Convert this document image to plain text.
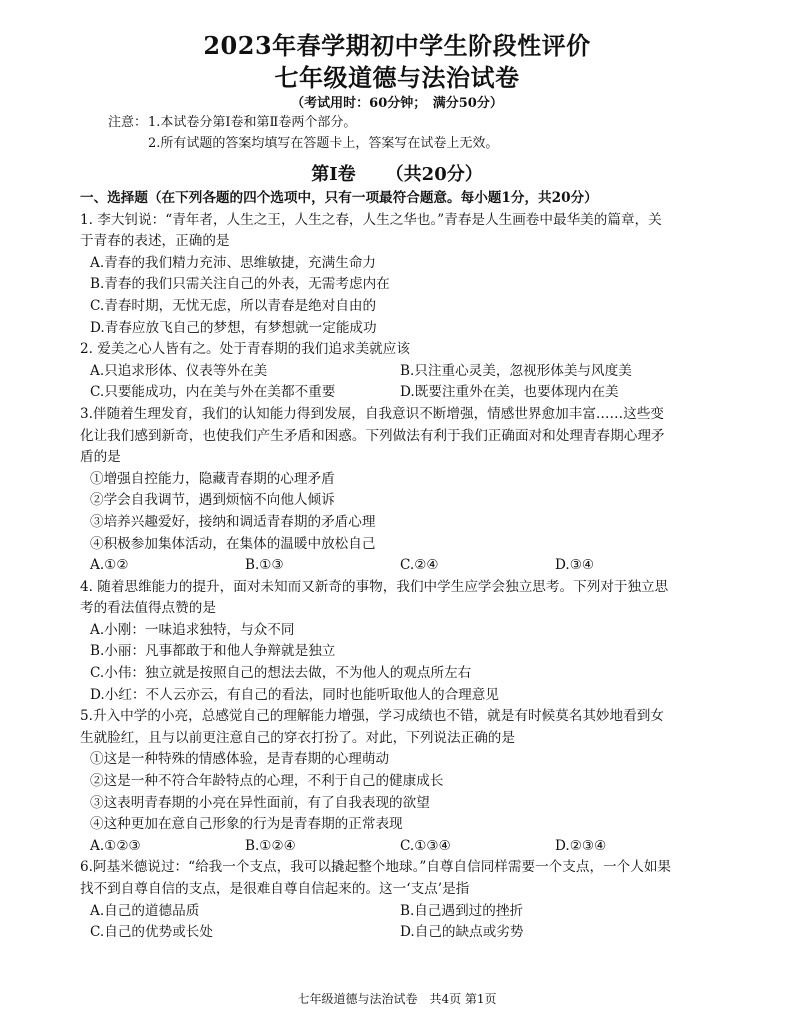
2023年春学期初中学生阶段性评价
七年级道德与法治试卷
（考试用时：60分钟；　满分50分）
注意：1.本试卷分第Ⅰ卷和第Ⅱ卷两个部分。
2.所有试题的答案均填写在答题卡上，答案写在试卷上无效。
第Ⅰ卷 （共20分）
一、选择题（在下列各题的四个选项中，只有一项最符合题意。每小题1分，共20分）
1. 李大钊说：“青年者，人生之王，人生之春，人生之华也。”青春是人生画卷中最华美的篇章，关
于青春的表述，正确的是
A.青春的我们精力充沛、思维敏捷，充满生命力
B.青春的我们只需关注自己的外表，无需考虑内在
C.青春时期，无忧无虑，所以青春是绝对自由的
D.青春应放飞自己的梦想，有梦想就一定能成功
2. 爱美之心人皆有之。处于青春期的我们追求美就应该
A.只追求形体、仪表等外在美	B.只注重心灵美，忽视形体美与风度美
C.只要能成功，内在美与外在美都不重要	D.既要注重外在美，也要体现内在美
3.伴随着生理发育，我们的认知能力得到发展，自我意识不断增强，情感世界愈加丰富……这些变
化让我们感到新奇，也使我们产生矛盾和困惑。下列做法有利于我们正确面对和处理青春期心理矛
盾的是
①增强自控能力，隐藏青春期的心理矛盾
②学会自我调节，遇到烦恼不向他人倾诉
③培养兴趣爱好，接纳和调适青春期的矛盾心理
④积极参加集体活动，在集体的温暖中放松自己
A.①②	B.①③	C.②④	D.③④
4. 随着思维能力的提升，面对未知而又新奇的事物，我们中学生应学会独立思考。下列对于独立思
考的看法值得点赞的是
A.小刚：一味追求独特，与众不同
B.小丽：凡事都敢于和他人争辩就是独立
C.小伟：独立就是按照自己的想法去做，不为他人的观点所左右
D.小红：不人云亦云，有自己的看法，同时也能听取他人的合理意见
5.升入中学的小亮，总感觉自己的理解能力增强，学习成绩也不错，就是有时候莫名其妙地看到女
生就脸红，且与以前更注意自己的穿衣打扮了。对此，下列说法正确的是
①这是一种特殊的情感体验，是青春期的心理萌动
②这是一种不符合年龄特点的心理，不利于自己的健康成长
③这表明青春期的小亮在异性面前，有了自我表现的欲望
④这种更加在意自己形象的行为是青春期的正常表现
A.①②③	B.①②④	C.①③④	D.②③④
6.阿基米德说过：“给我一个支点，我可以撬起整个地球。”自尊自信同样需要一个支点，一个人如果
找不到自尊自信的支点，是很难自尊自信起来的。这一‘支点’是指
A.自己的道德品质	B.自己遇到过的挫折
C.自己的优势或长处	D.自己的缺点或劣势
七年级道德与法治试卷　共4页 第1页
